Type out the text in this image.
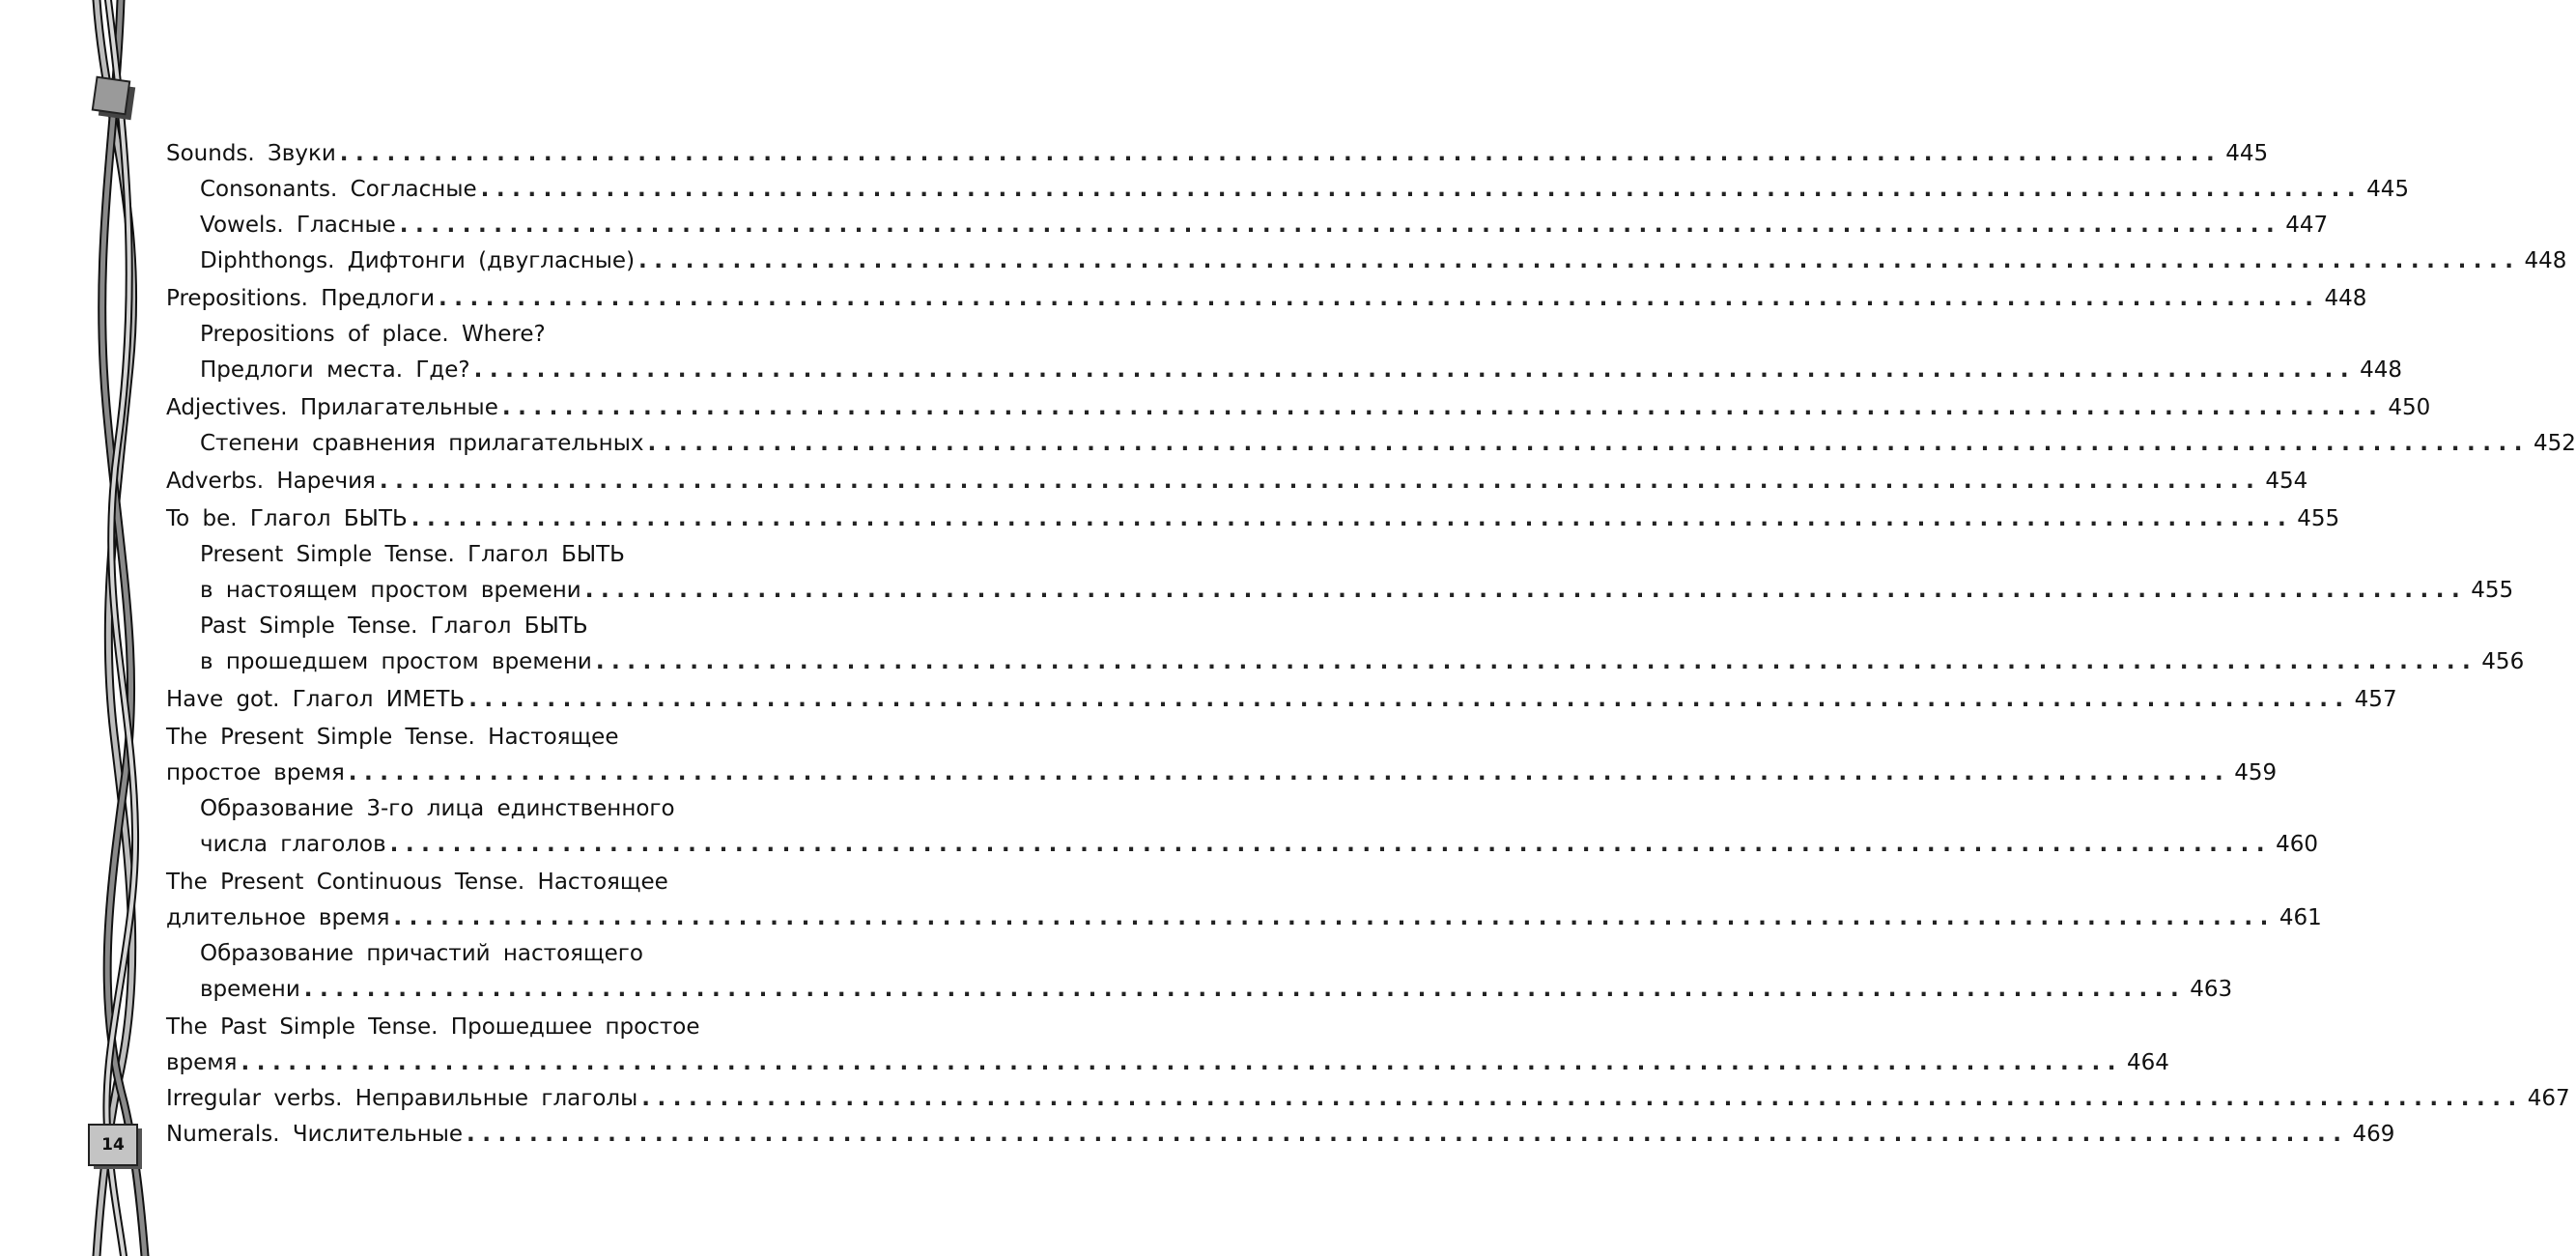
14
Sounds. Звуки ........................................................................................................................ 445
Consonants. Согласные ........................................................................................................................ 445
Vowels. Гласные ........................................................................................................................ 447
Diphthongs. Дифтонги (двугласные) ........................................................................................................................ 448
Prepositions. Предлоги ........................................................................................................................ 448
Prepositions of place. Where?
Предлоги места. Где? ........................................................................................................................ 448
Adjectives. Прилагательные ........................................................................................................................ 450
Степени сравнения прилагательных ........................................................................................................................ 452
Adverbs. Наречия ........................................................................................................................ 454
To be. Глагол БЫТЬ ........................................................................................................................ 455
Present Simple Tense. Глагол БЫТЬ
в настоящем простом времени ........................................................................................................................ 455
Past Simple Tense. Глагол БЫТЬ
в прошедшем простом времени ........................................................................................................................ 456
Have got. Глагол ИМЕТЬ ........................................................................................................................ 457
The Present Simple Tense. Настоящее
простое время ........................................................................................................................ 459
Образование 3-го лица единственного
числа глаголов ........................................................................................................................ 460
The Present Continuous Tense. Настоящее
длительное время ........................................................................................................................ 461
Образование причастий настоящего
времени ........................................................................................................................ 463
The Past Simple Tense. Прошедшее простое
время ........................................................................................................................ 464
Irregular verbs. Неправильные глаголы ........................................................................................................................ 467
Numerals. Числительные ........................................................................................................................ 469
